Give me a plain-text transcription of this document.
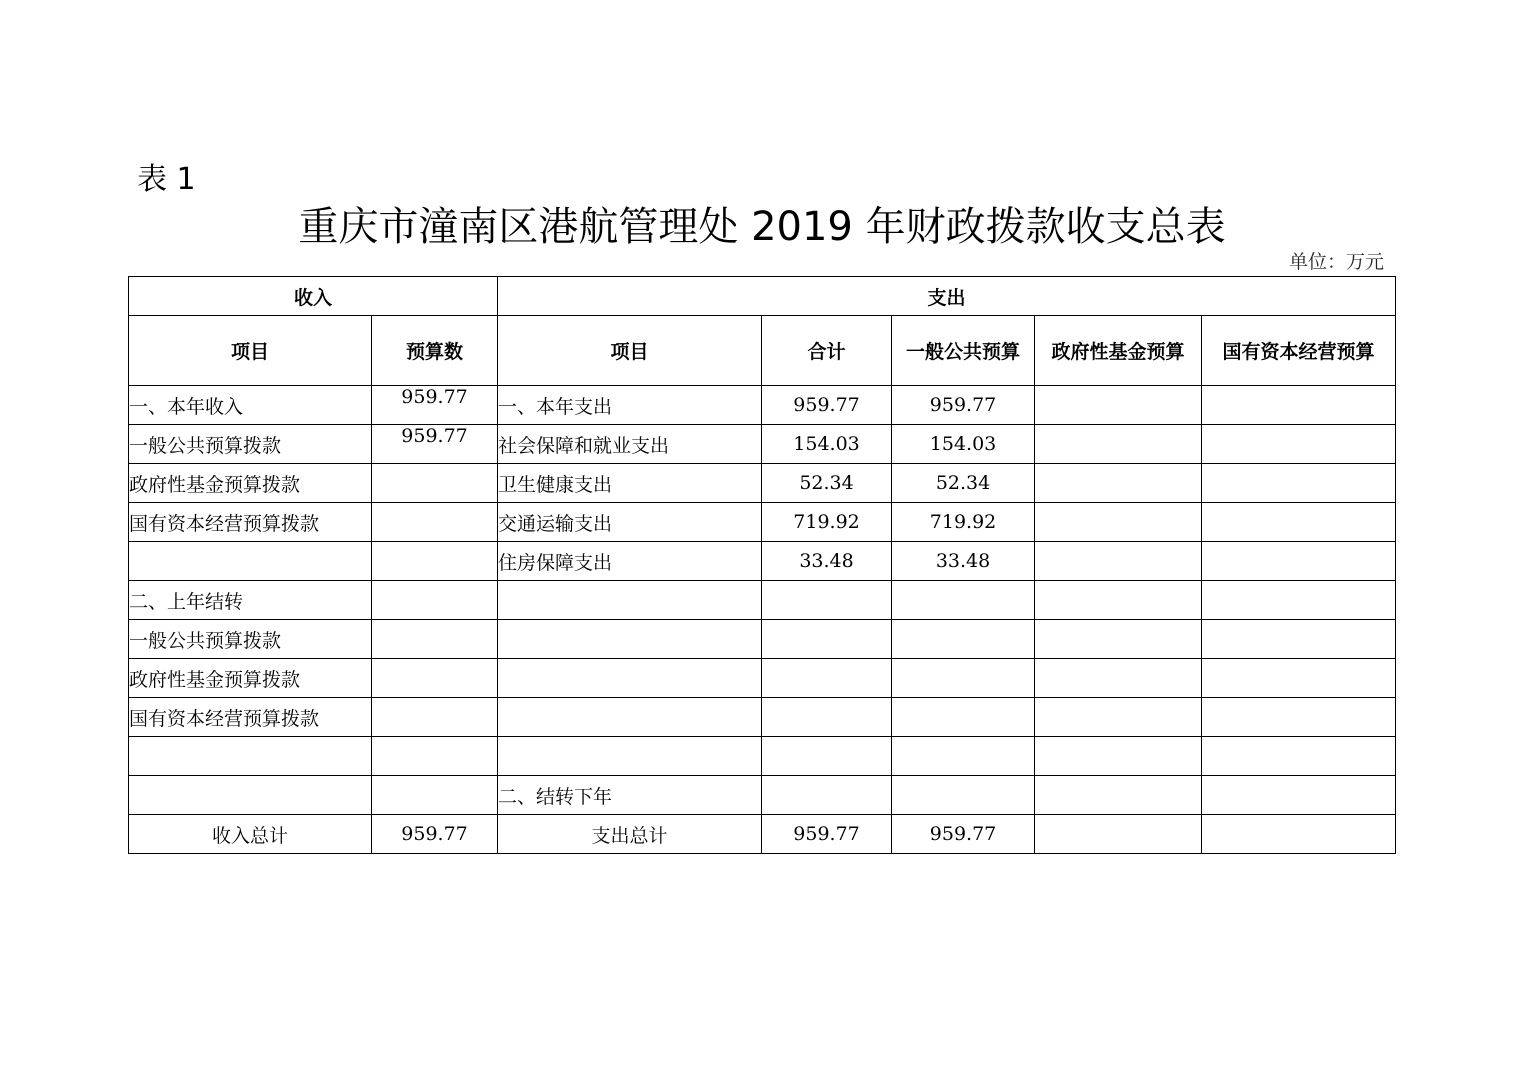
表 1
重庆市潼南区港航管理处 2019 年财政拨款收支总表
单位：万元
收入		支出				
项目	预算数	项目	合计	一般公共预算	政府性基金预算	国有资本经营预算
一、本年收入	959.77	一、本年支出	959.77	959.77		
一般公共预算拨款	959.77	社会保障和就业支出	154.03	154.03		
政府性基金预算拨款		卫生健康支出	52.34	52.34		
国有资本经营预算拨款		交通运输支出	719.92	719.92		
		住房保障支出	33.48	33.48		
二、上年结转						
一般公共预算拨款						
政府性基金预算拨款						
国有资本经营预算拨款						

		二、结转下年				
收入总计	959.77	支出总计	959.77	959.77		
